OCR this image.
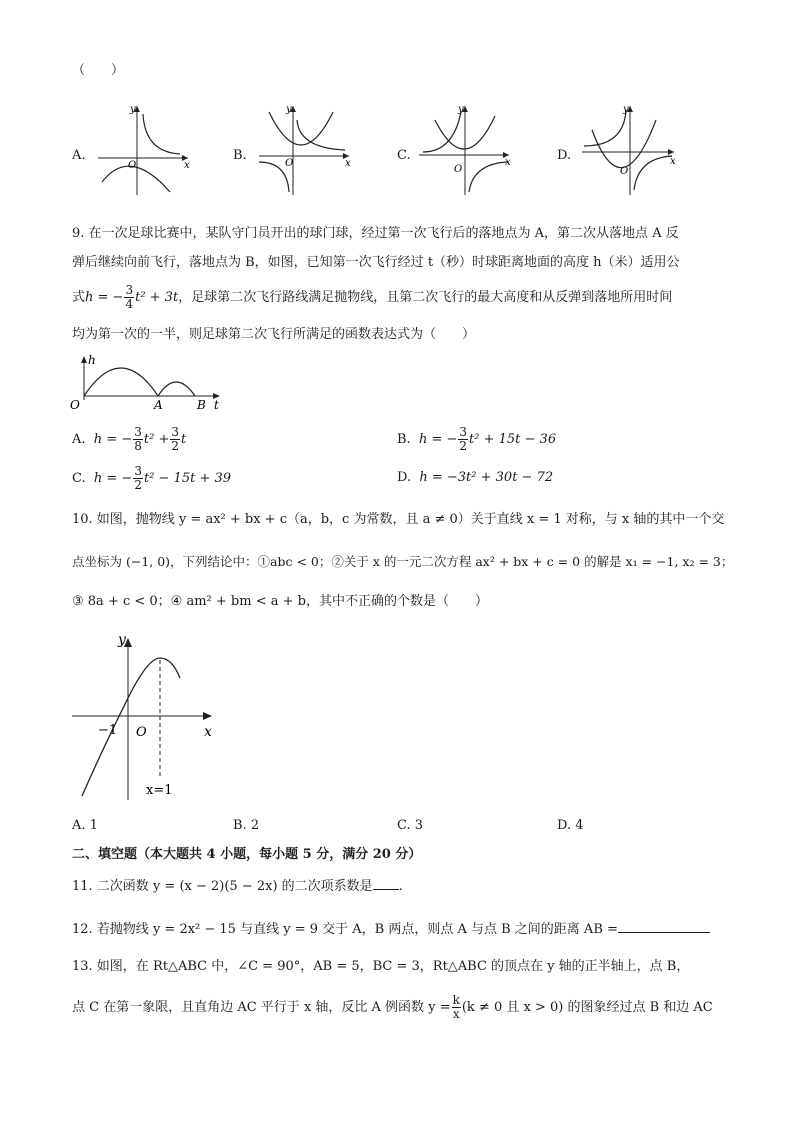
（　　）
A.
y
x
O
B.
y
x
O
C.
y
x
O
D.
y
x
O
9. 在一次足球比赛中，某队守门员开出的球门球，经过第一次飞行后的落地点为 A，第二次从落地点 A 反
弹后继续向前飞行，落地点为 B，如图，已知第一次飞行经过 t（秒）时球距离地面的高度 h（米）适用公
式h = − $\frac{3}{4} t^2 + 3t$，足球第二次飞行路线满足抛物线，且第二次飞行的最大高度和从反弹到落地所用时间
均为第一次的一半，则足球第二次飞行所满足的函数表达式为（　　）
h
O	A	B t
A. h = − $\frac{3}{8} t^2 + \frac{3}{2}$ t	B. h = − $\frac{3}{2} t^2 + 15t - 36$
C. h = − $\frac{3}{2} t^2 - 15t + 39$	D. h = −3t² + 30t − 72
10. 如图，抛物线 y = ax² + bx + c（a，b，c 为常数，且 a ≠ 0）关于直线 x = 1 对称，与 x 轴的其中一个交
点坐标为 (−1, 0)，下列结论中：①abc < 0；②关于 x 的一元二次方程 ax² + bx + c = 0 的解是 x₁ = −1, x₂ = 3；
③ 8a + c < 0；④ am² + bm < a + b，其中不正确的个数是（　　）
y
x
O
−1
x=1
A. 1	B. 2	C. 3	D. 4
二、填空题（本大题共 4 小题，每小题 5 分，满分 20 分）
11. 二次函数 y = (x − 2)(5 − 2x) 的二次项系数是 .
12. 若抛物线 y = 2x² − 15 与直线 y = 9 交于 A，B 两点，则点 A 与点 B 之间的距离 AB =
13. 如图，在 Rt△ABC 中，∠C = 90°，AB = 5，BC = 3，Rt△ABC 的顶点在 y 轴的正半轴上，点 B，
点 C 在第一象限，且直角边 AC 平行于 x 轴，反比 A 例函数 $y = \frac{k}{x} (k \ne 0$ 且 x > 0) 的图象经过点 B 和边 AC
